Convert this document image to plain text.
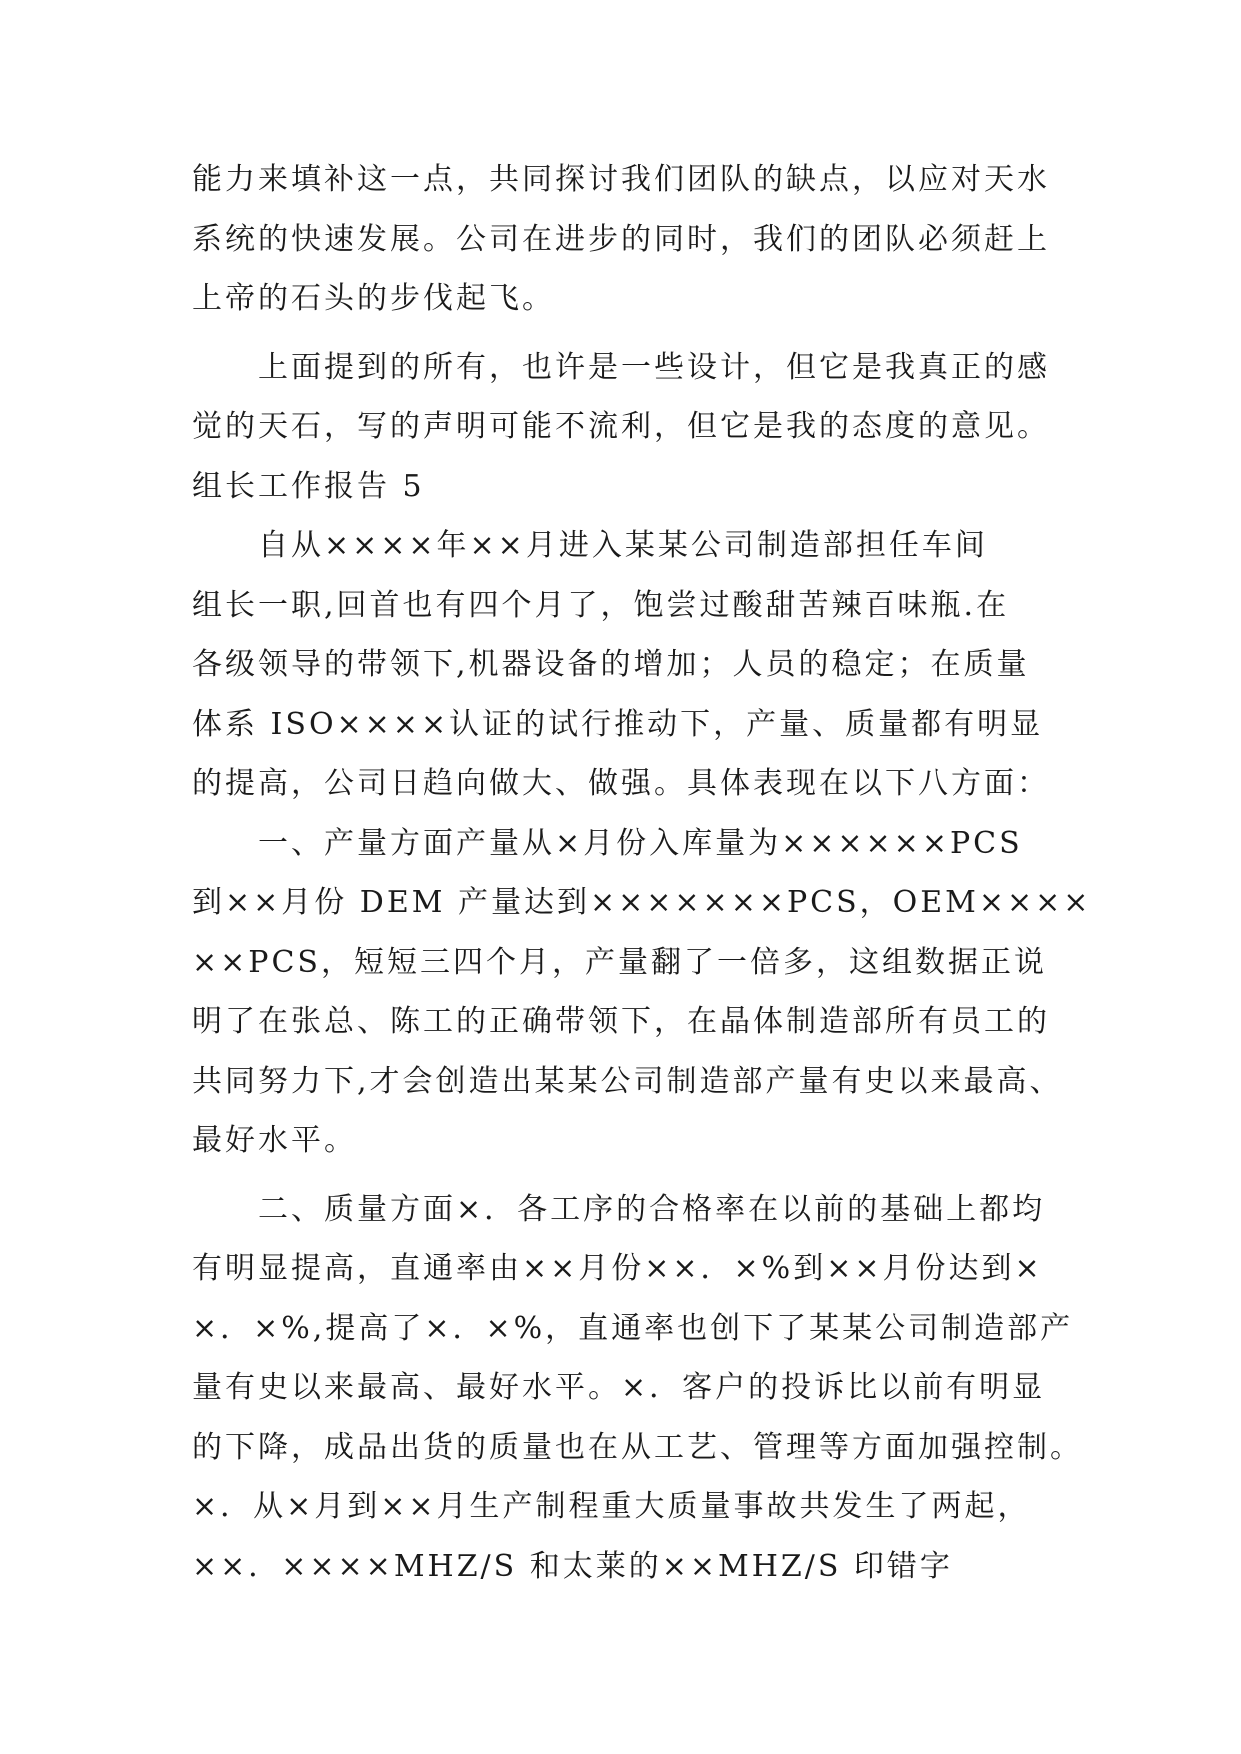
能力来填补这一点，共同探讨我们团队的缺点，以应对天水
系统的快速发展。公司在进步的同时，我们的团队必须赶上
上帝的石头的步伐起飞。
　　上面提到的所有，也许是一些设计，但它是我真正的感
觉的天石，写的声明可能不流利，但它是我的态度的意见。
组长工作报告 5
　　自从××××年××月进入某某公司制造部担任车间
组长一职,回首也有四个月了，饱尝过酸甜苦辣百味瓶.在
各级领导的带领下,机器设备的增加；人员的稳定；在质量
体系 ISO××××认证的试行推动下，产量、质量都有明显
的提高，公司日趋向做大、做强。具体表现在以下八方面：
　　一、产量方面产量从×月份入库量为××××××PCS
到××月份 DEM 产量达到×××××××PCS，OEM××××
××PCS，短短三四个月，产量翻了一倍多，这组数据正说
明了在张总、陈工的正确带领下，在晶体制造部所有员工的
共同努力下,才会创造出某某公司制造部产量有史以来最高、
最好水平。
　　二、质量方面×．各工序的合格率在以前的基础上都均
有明显提高，直通率由××月份××．×%到××月份达到×
×．×%,提高了×．×%，直通率也创下了某某公司制造部产
量有史以来最高、最好水平。×．客户的投诉比以前有明显
的下降，成品出货的质量也在从工艺、管理等方面加强控制。
×．从×月到××月生产制程重大质量事故共发生了两起，
××．××××MHZ/S 和太莱的××MHZ/S 印错字
